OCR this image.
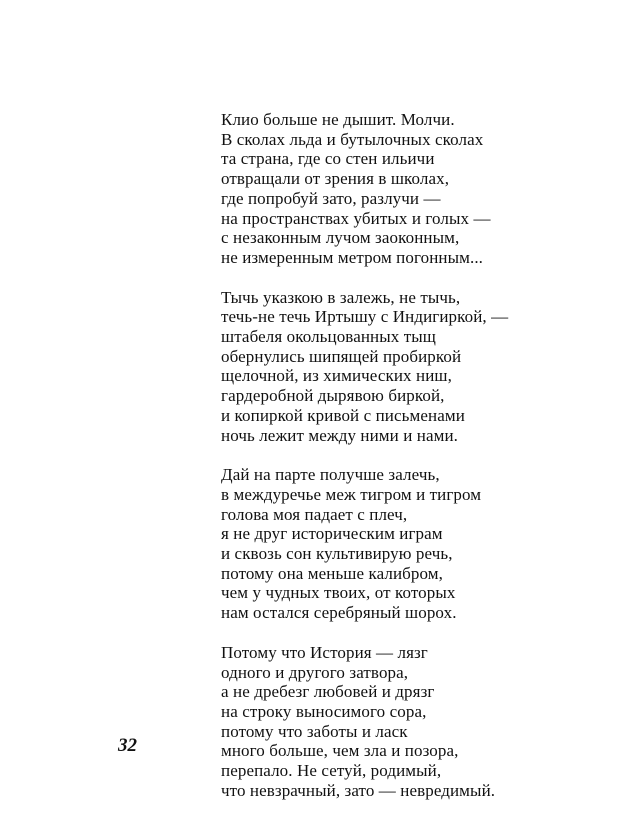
Клио больше не дышит. Молчи.
В сколах льда и бутылочных сколах
та страна, где со стен ильичи
отвращали от зрения в школах,
где попробуй зато, разлучи —
на пространствах убитых и голых —
с незаконным лучом заоконным,
не измеренным метром погонным...
Тычь указкою в залежь, не тычь,
течь-не течь Иртышу с Индигиркой, —
штабеля окольцованных тыщ
обернулись шипящей пробиркой
щелочной, из химических ниш,
гардеробной дырявою биркой,
и копиркой кривой с письменами
ночь лежит между ними и нами.
Дай на парте получше залечь,
в междуречье меж тигром и тигром
голова моя падает с плеч,
я не друг историческим играм
и сквозь сон культивирую речь,
потому она меньше калибром,
чем у чудных твоих, от которых
нам остался серебряный шорох.
Потому что История — лязг
одного и другого затвора,
а не дребезг любовей и дрязг
на строку выносимого сора,
потому что заботы и ласк
много больше, чем зла и позора,
перепало. Не сетуй, родимый,
что невзрачный, зато — невредимый.
32
